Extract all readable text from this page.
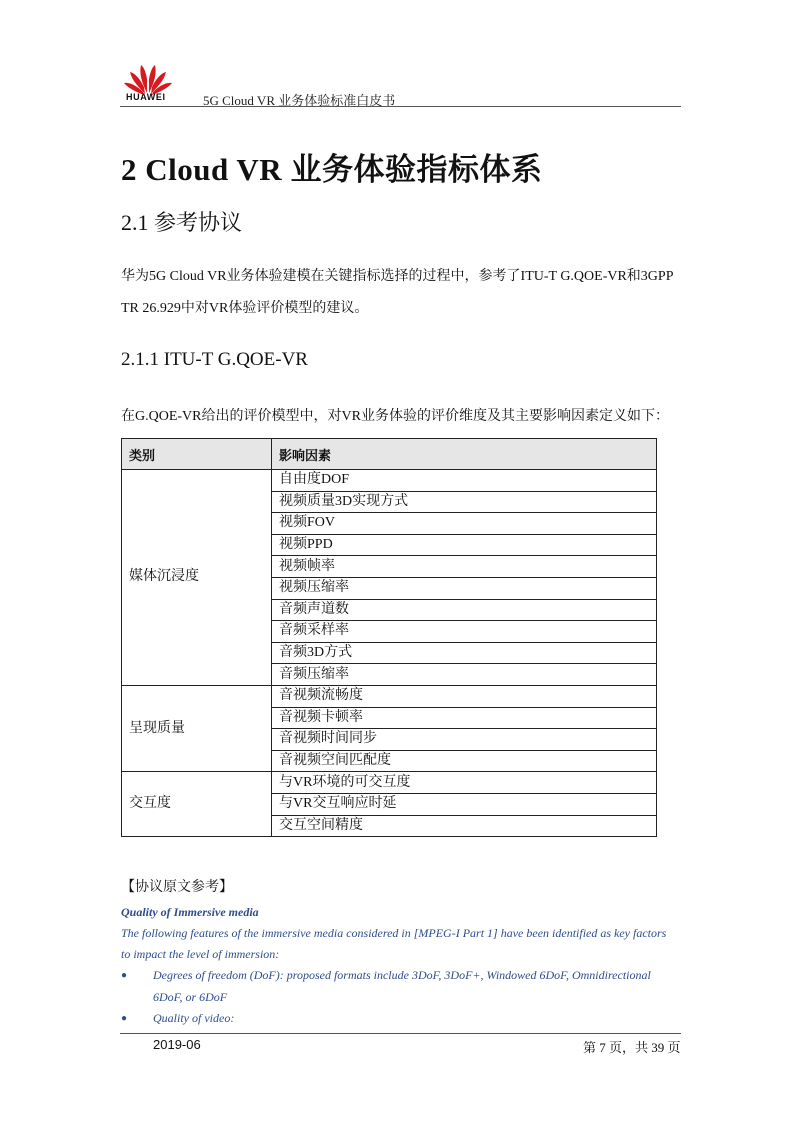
HUAWEI	5G Cloud VR 业务体验标准白皮书
2 Cloud VR 业务体验指标体系
2.1 参考协议
华为5G Cloud VR业务体验建模在关键指标选择的过程中，参考了ITU-T G.QOE-VR和3GPP
TR 26.929中对VR体验评价模型的建议。
2.1.1 ITU-T G.QOE-VR
在G.QOE-VR给出的评价模型中，对VR业务体验的评价维度及其主要影响因素定义如下：
类别	影响因素
媒体沉浸度	自由度DOF
	视频质量3D实现方式
	视频FOV
	视频PPD
	视频帧率
	视频压缩率
	音频声道数
	音频采样率
	音频3D方式
	音频压缩率
呈现质量	音视频流畅度
	音视频卡顿率
	音视频时间同步
	音视频空间匹配度
交互度	与VR环境的可交互度
	与VR交互响应时延
	交互空间精度
【协议原文参考】
Quality of Immersive media
The following features of the immersive media considered in [MPEG-I Part 1] have been identified as key factors
to impact the level of immersion:
● Degrees of freedom (DoF): proposed formats include 3DoF, 3DoF+, Windowed 6DoF, Omnidirectional
6DoF, or 6DoF
● Quality of video:
2019-06	第 7 页，共 39 页
